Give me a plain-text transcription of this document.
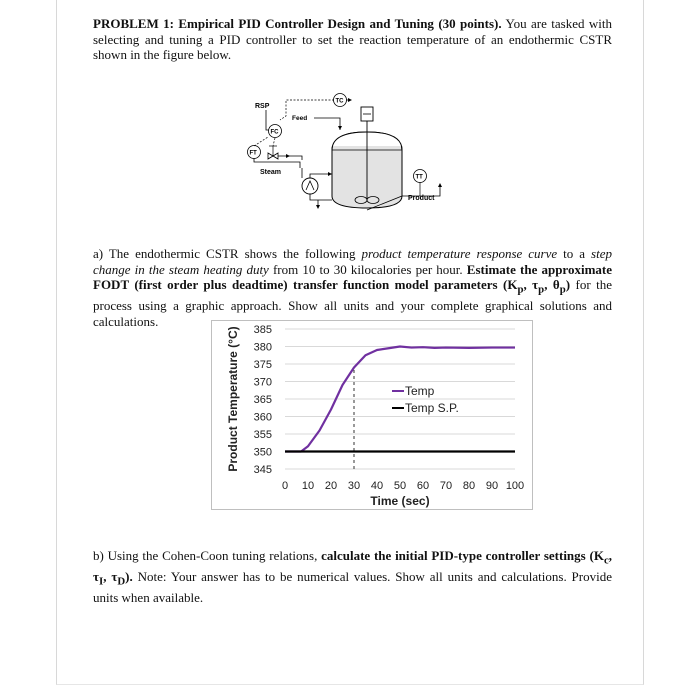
PROBLEM 1: Empirical PID Controller Design and Tuning (30 points). You are tasked with selecting and tuning a PID controller to set the reaction temperature of an endothermic CSTR shown in the figure below.

RSP
TC
FC
FT
Steam
Feed
TT
Product

a) The endothermic CSTR shows the following product temperature response curve to a step change in the steam heating duty from 10 to 30 kilocalories per hour. Estimate the approximate FODT (first order plus deadtime) transfer function model parameters ($K_p$, $\tau_p$, $\theta_p$) for the process using a graphic approach. Show all units and your complete graphical solutions and calculations.

385
380
375
370
365
360
355
350
345
0 10 20 30 40 50 60 70 80 90 100
Time (sec)
Product Temperature (°C)	Temp
Temp S.P.

b) Using the Cohen-Coon tuning relations, calculate the initial PID-type controller settings ($K_c$, $\tau_I$, $\tau_D$). Note: Your answer has to be numerical values. Show all units and calculations. Provide units when available.
